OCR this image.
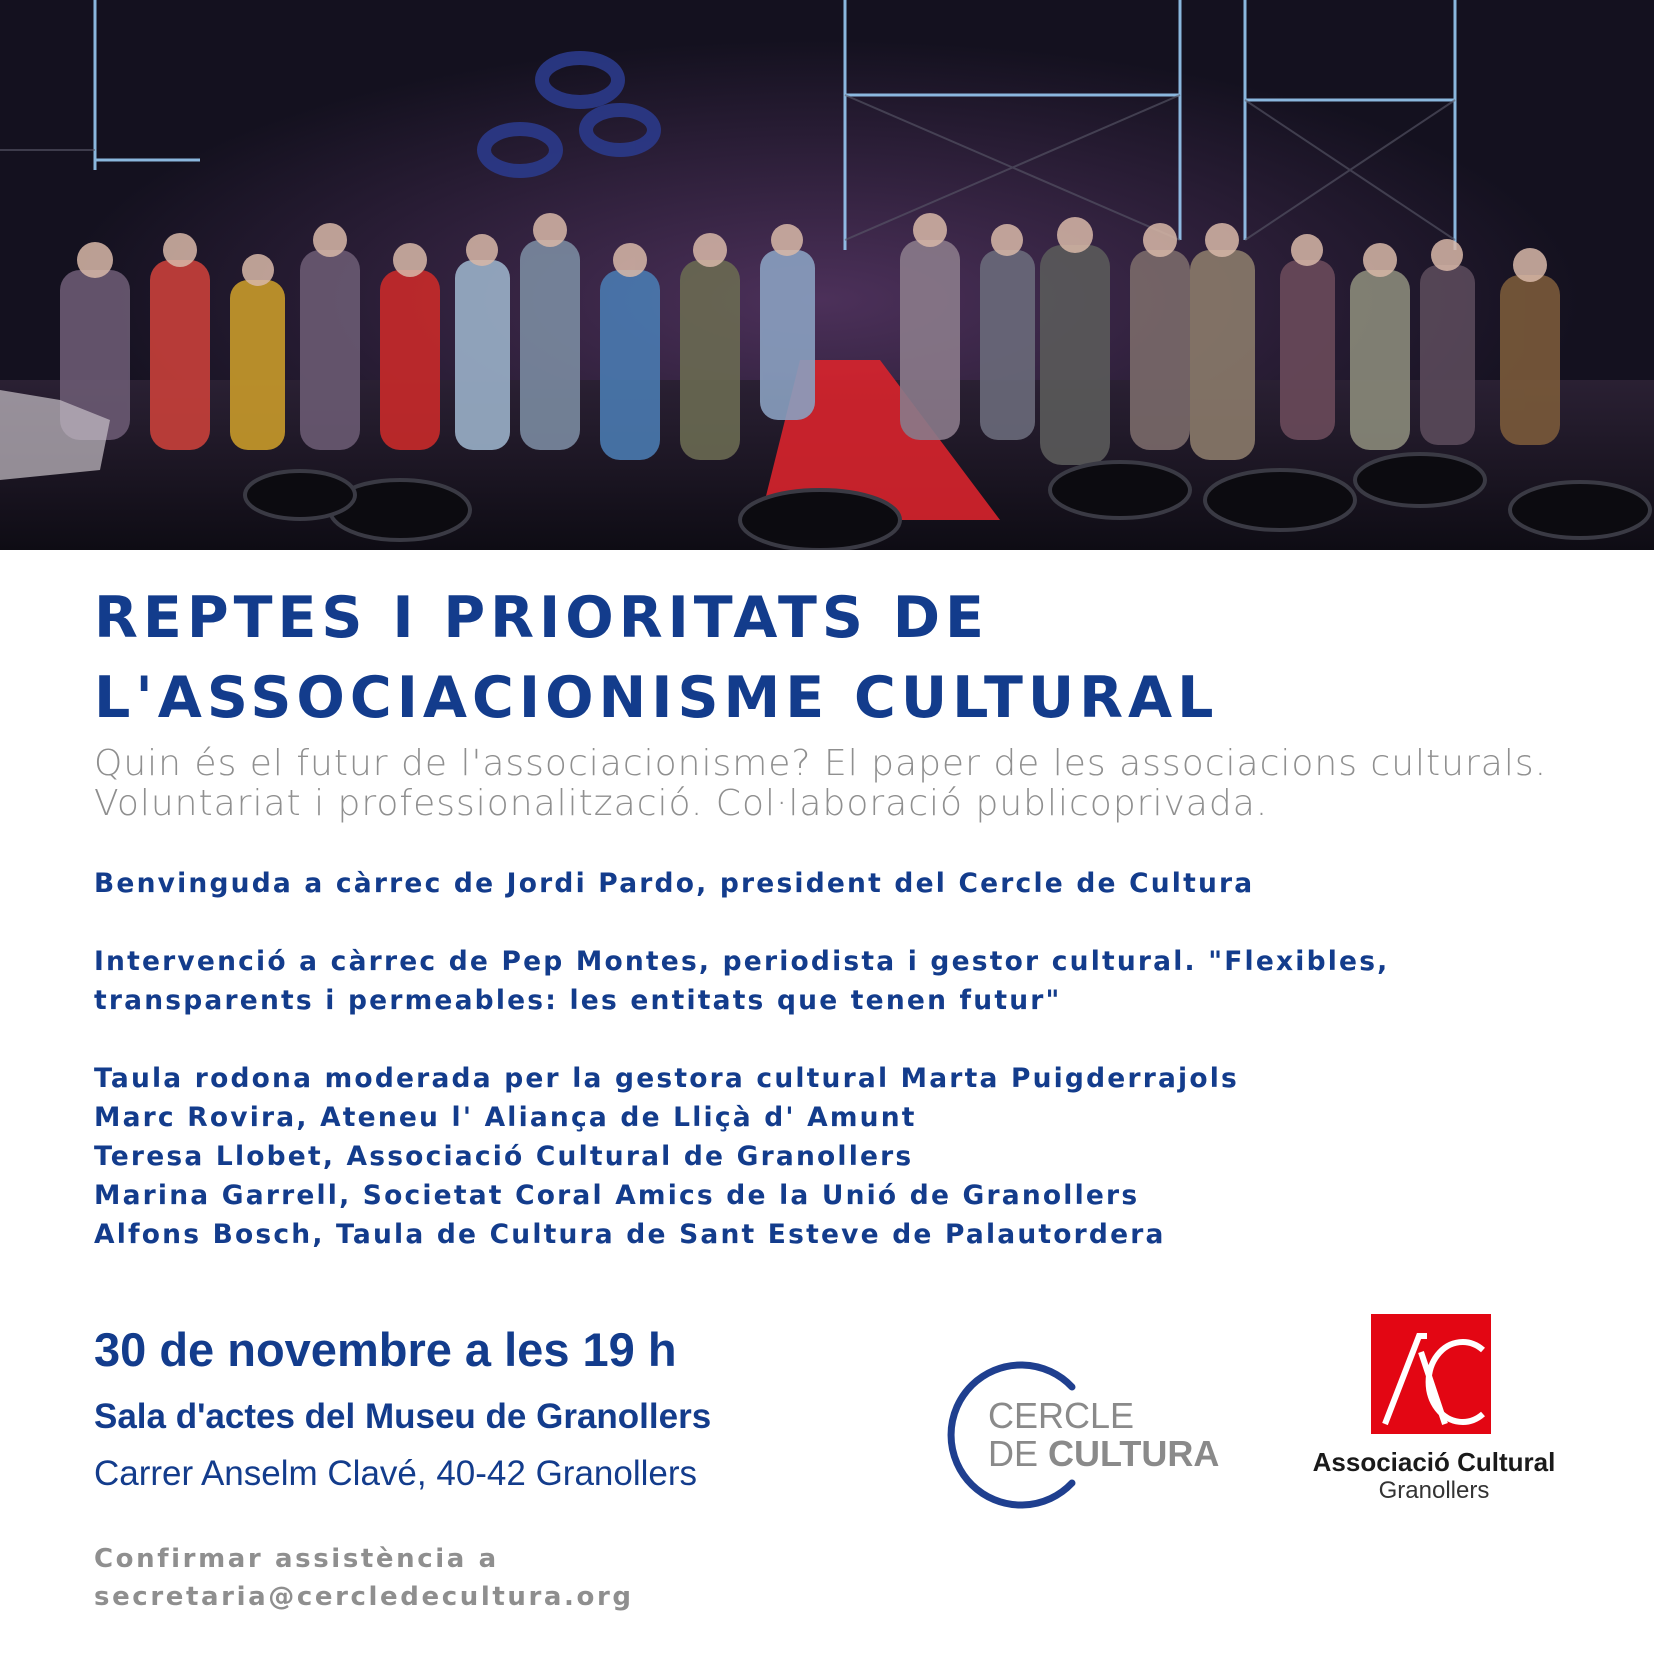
REPTES I PRIORITATS DE
L'ASSOCIACIONISME CULTURAL
Quin és el futur de l'associacionisme? El paper de les associacions culturals.
Voluntariat i professionalització. Col·laboració publicoprivada.
Benvinguda a càrrec de Jordi Pardo, president del Cercle de Cultura
Intervenció a càrrec de Pep Montes, periodista i gestor cultural. "Flexibles,
transparents i permeables: les entitats que tenen futur"
Taula rodona moderada per la gestora cultural Marta Puigderrajols
Marc Rovira, Ateneu l' Aliança de Lliçà d' Amunt
Teresa Llobet, Associació Cultural de Granollers
Marina Garrell, Societat Coral Amics de la Unió de Granollers
Alfons Bosch, Taula de Cultura de Sant Esteve de Palautordera
30 de novembre a les 19 h
Sala d'actes del Museu de Granollers
Carrer Anselm Clavé, 40-42 Granollers
Confirmar assistència a
secretaria@cercledecultura.org
CERCLE
DE CULTURA	Associació Cultural
Granollers
